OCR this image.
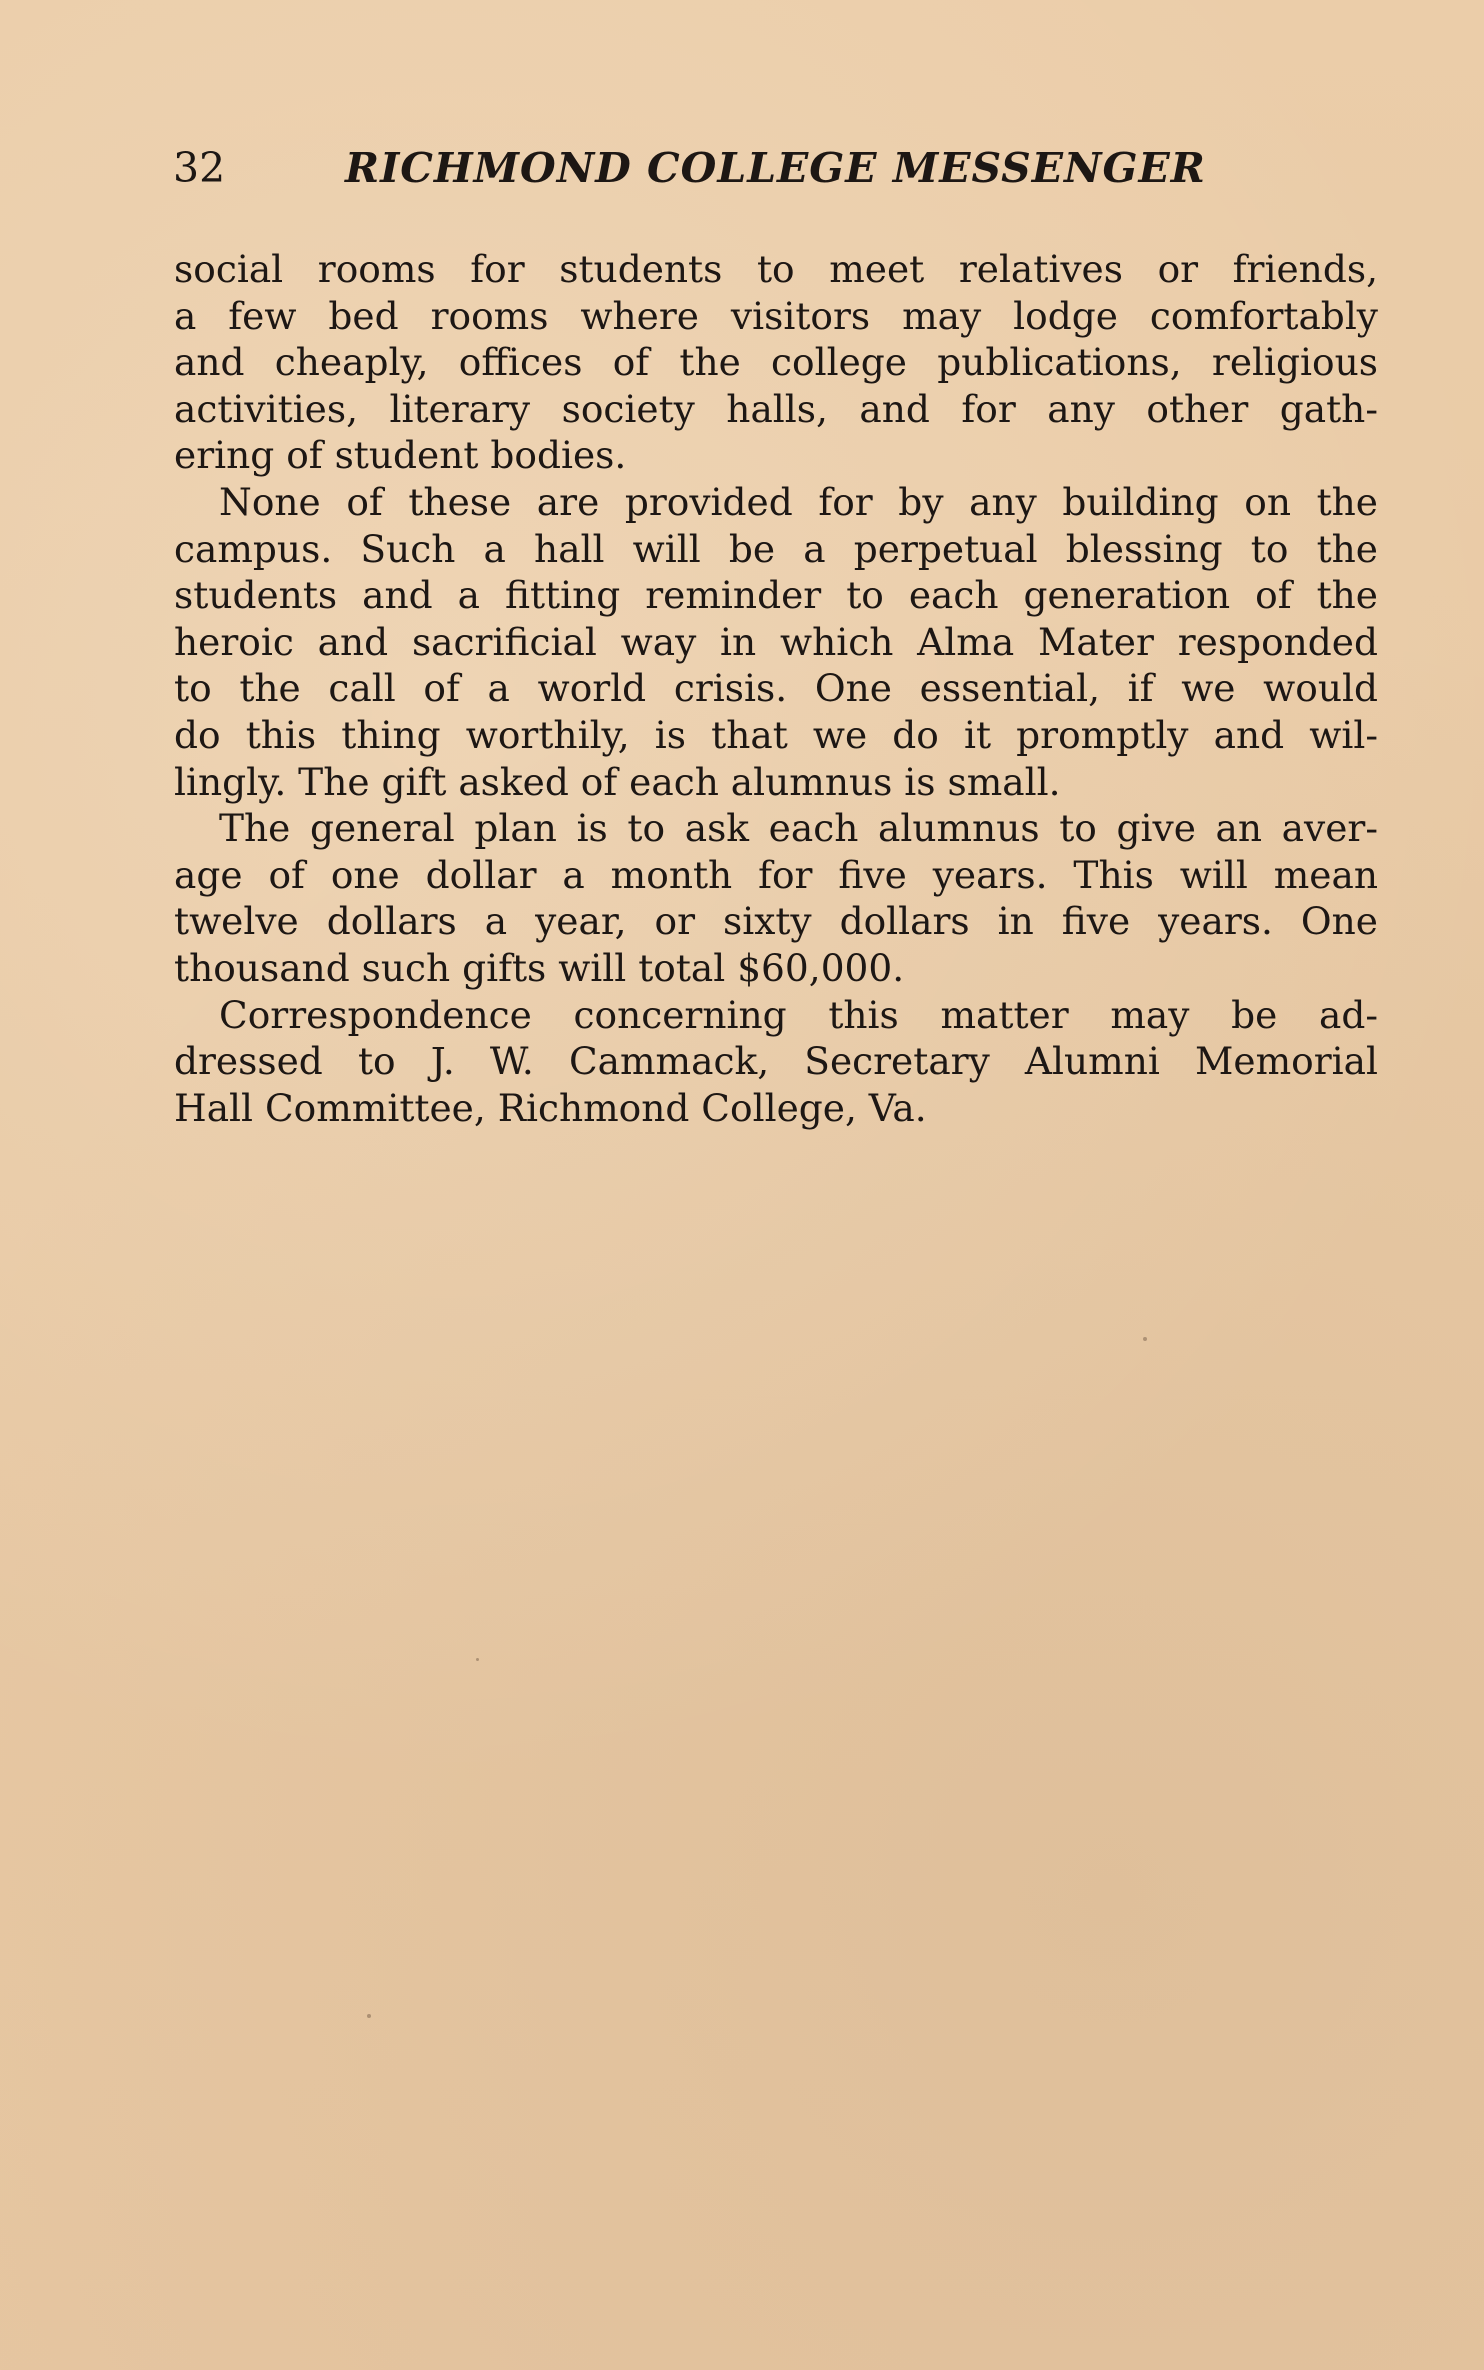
32	RICHMOND COLLEGE MESSENGER

social rooms for students to meet relatives or friends,
a few bed rooms where visitors may lodge comfortably
and cheaply, offices of the college publications, religious
activities, literary society halls, and for any other gath-
ering of student bodies.

None of these are provided for by any building on the
campus. Such a hall will be a perpetual blessing to the
students and a fitting reminder to each generation of the
heroic and sacrificial way in which Alma Mater responded
to the call of a world crisis. One essential, if we would
do this thing worthily, is that we do it promptly and wil-
lingly. The gift asked of each alumnus is small.

The general plan is to ask each alumnus to give an aver-
age of one dollar a month for five years. This will mean
twelve dollars a year, or sixty dollars in five years. One
thousand such gifts will total $60,000.

Correspondence concerning this matter may be ad-
dressed to J. W. Cammack, Secretary Alumni Memorial
Hall Committee, Richmond College, Va.
